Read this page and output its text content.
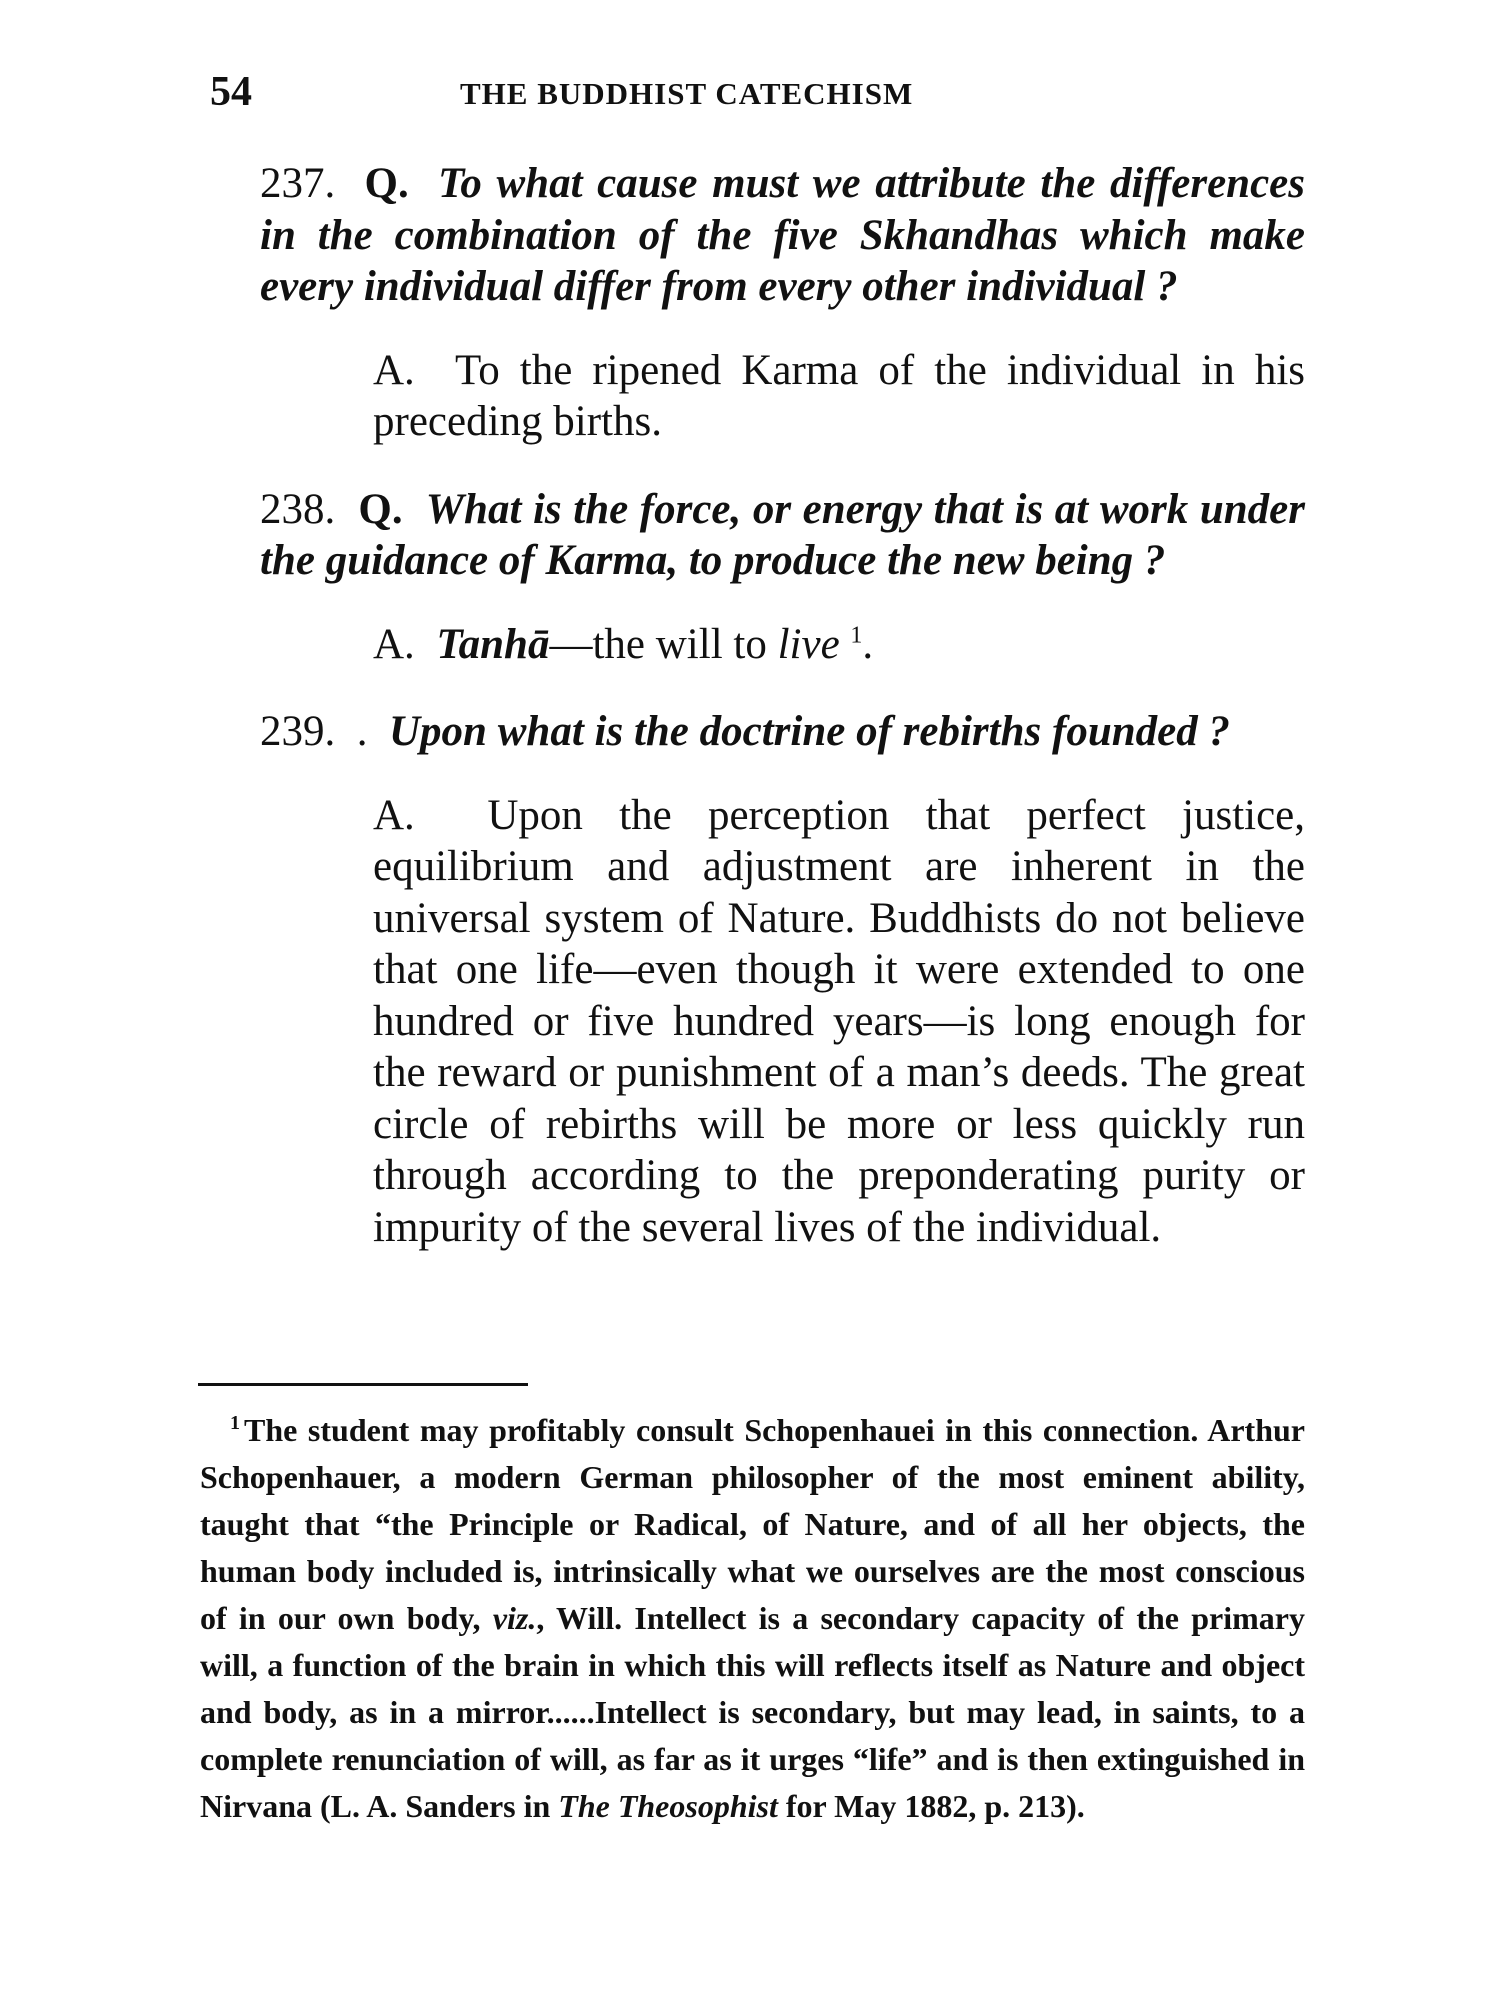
54	THE BUDDHIST CATECHISM

237. Q. To what cause must we attribute the differences in the combination of the five Skhandhas which make every individual differ from every other individual ?

A. To the ripened Karma of the individual in his preceding births.

238. Q. What is the force, or energy that is at work under the guidance of Karma, to produce the new being ?

A. Tanhā—the will to live $^1$.

239. . Upon what is the doctrine of rebirths founded ?

A. Upon the perception that perfect justice, equilibrium and adjustment are inherent in the universal system of Nature. Buddhists do not believe that one life—even though it were extended to one hundred or five hundred years—is long enough for the reward or punishment of a man’s deeds. The great circle of rebirths will be more or less quickly run through according to the preponderating purity or impurity of the several lives of the individual.

$^1$ The student may profitably consult Schopenhauei in this connection. Arthur Schopenhauer, a modern German philosopher of the most eminent ability, taught that “the Principle or Radical, of Nature, and of all her objects, the human body included is, intrinsically what we ourselves are the most conscious of in our own body, viz., Will. Intellect is a secondary capacity of the primary will, a function of the brain in which this will reflects itself as Nature and object and body, as in a mirror......Intellect is secondary, but may lead, in saints, to a complete renunciation of will, as far as it urges “life” and is then extinguished in Nirvana (L. A. Sanders in The Theosophist for May 1882, p. 213).
